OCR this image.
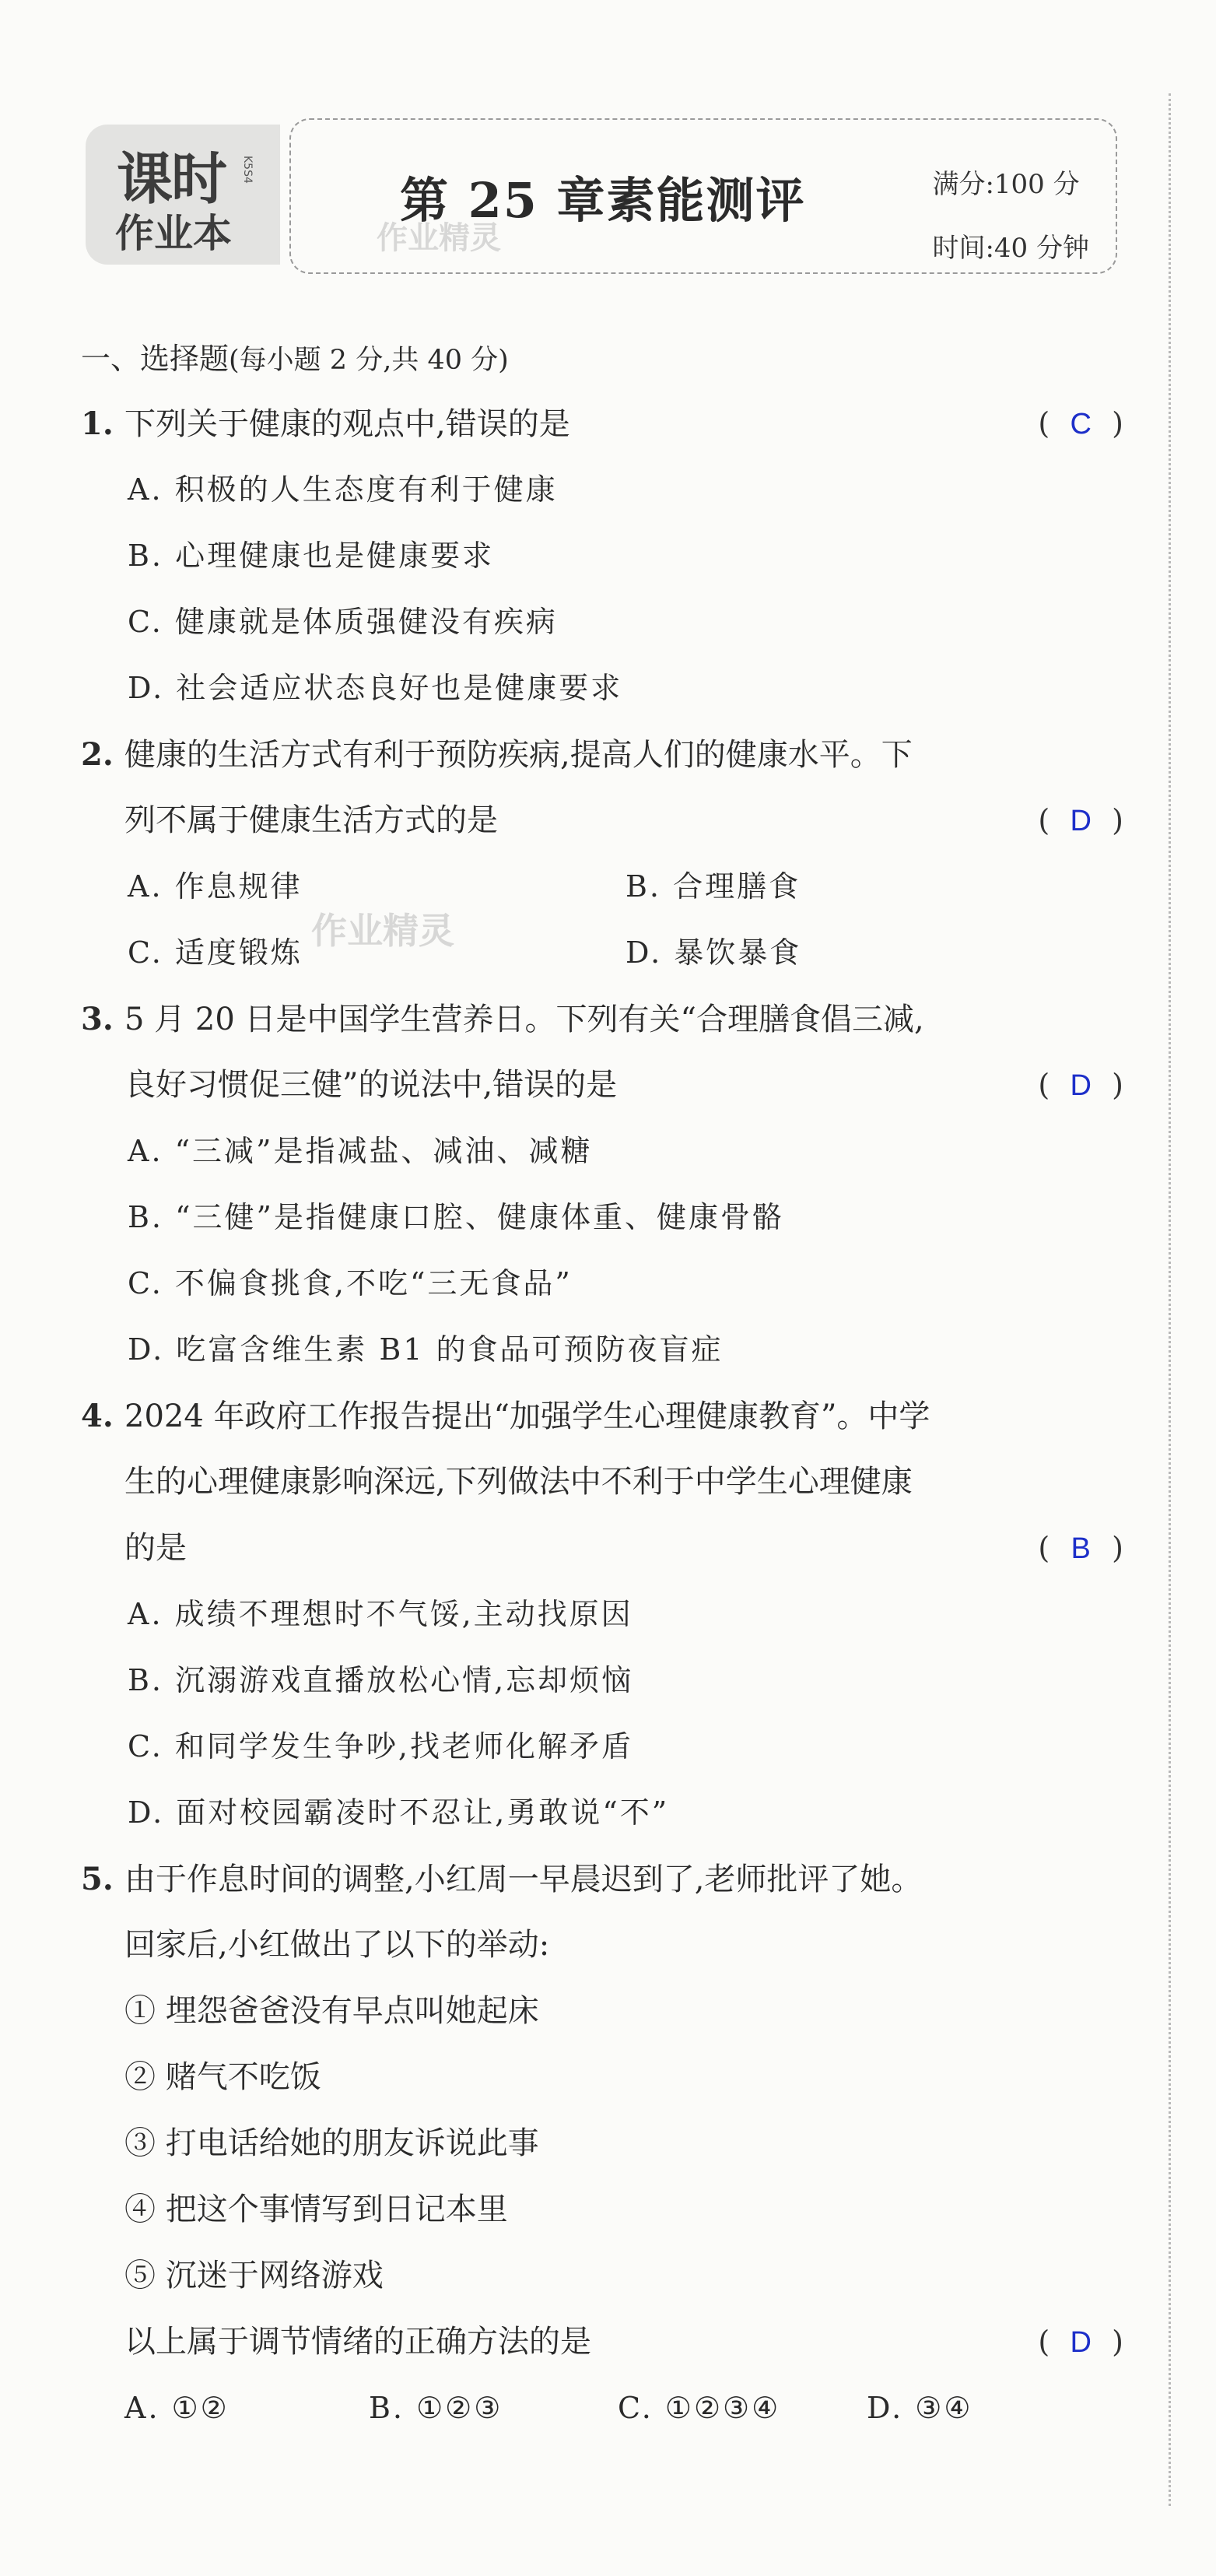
课时 K5S4
作业本	作业精灵
第 25 章素能测评	满分:100 分
时间:40 分钟
作业精灵
一、选择题(每小题 2 分,共 40 分)
1. 下列关于健康的观点中,错误的是	( C )
A. 积极的人生态度有利于健康
B. 心理健康也是健康要求
C. 健康就是体质强健没有疾病
D. 社会适应状态良好也是健康要求
2. 健康的生活方式有利于预防疾病,提高人们的健康水平。下
列不属于健康生活方式的是	( D )
A. 作息规律	B. 合理膳食
C. 适度锻炼	D. 暴饮暴食
3. 5 月 20 日是中国学生营养日。下列有关“合理膳食倡三减,
良好习惯促三健”的说法中,错误的是	( D )
A. “三减”是指减盐、减油、减糖
B. “三健”是指健康口腔、健康体重、健康骨骼
C. 不偏食挑食,不吃“三无食品”
D. 吃富含维生素 B1 的食品可预防夜盲症
4. 2024 年政府工作报告提出“加强学生心理健康教育”。中学
生的心理健康影响深远,下列做法中不利于中学生心理健康
的是	( B )
A. 成绩不理想时不气馁,主动找原因
B. 沉溺游戏直播放松心情,忘却烦恼
C. 和同学发生争吵,找老师化解矛盾
D. 面对校园霸凌时不忍让,勇敢说“不”
5. 由于作息时间的调整,小红周一早晨迟到了,老师批评了她。
回家后,小红做出了以下的举动:
① 埋怨爸爸没有早点叫她起床
② 赌气不吃饭
③ 打电话给她的朋友诉说此事
④ 把这个事情写到日记本里
⑤ 沉迷于网络游戏
以上属于调节情绪的正确方法的是	( D )
A. ①②	B. ①②③	C. ①②③④	D. ③④
